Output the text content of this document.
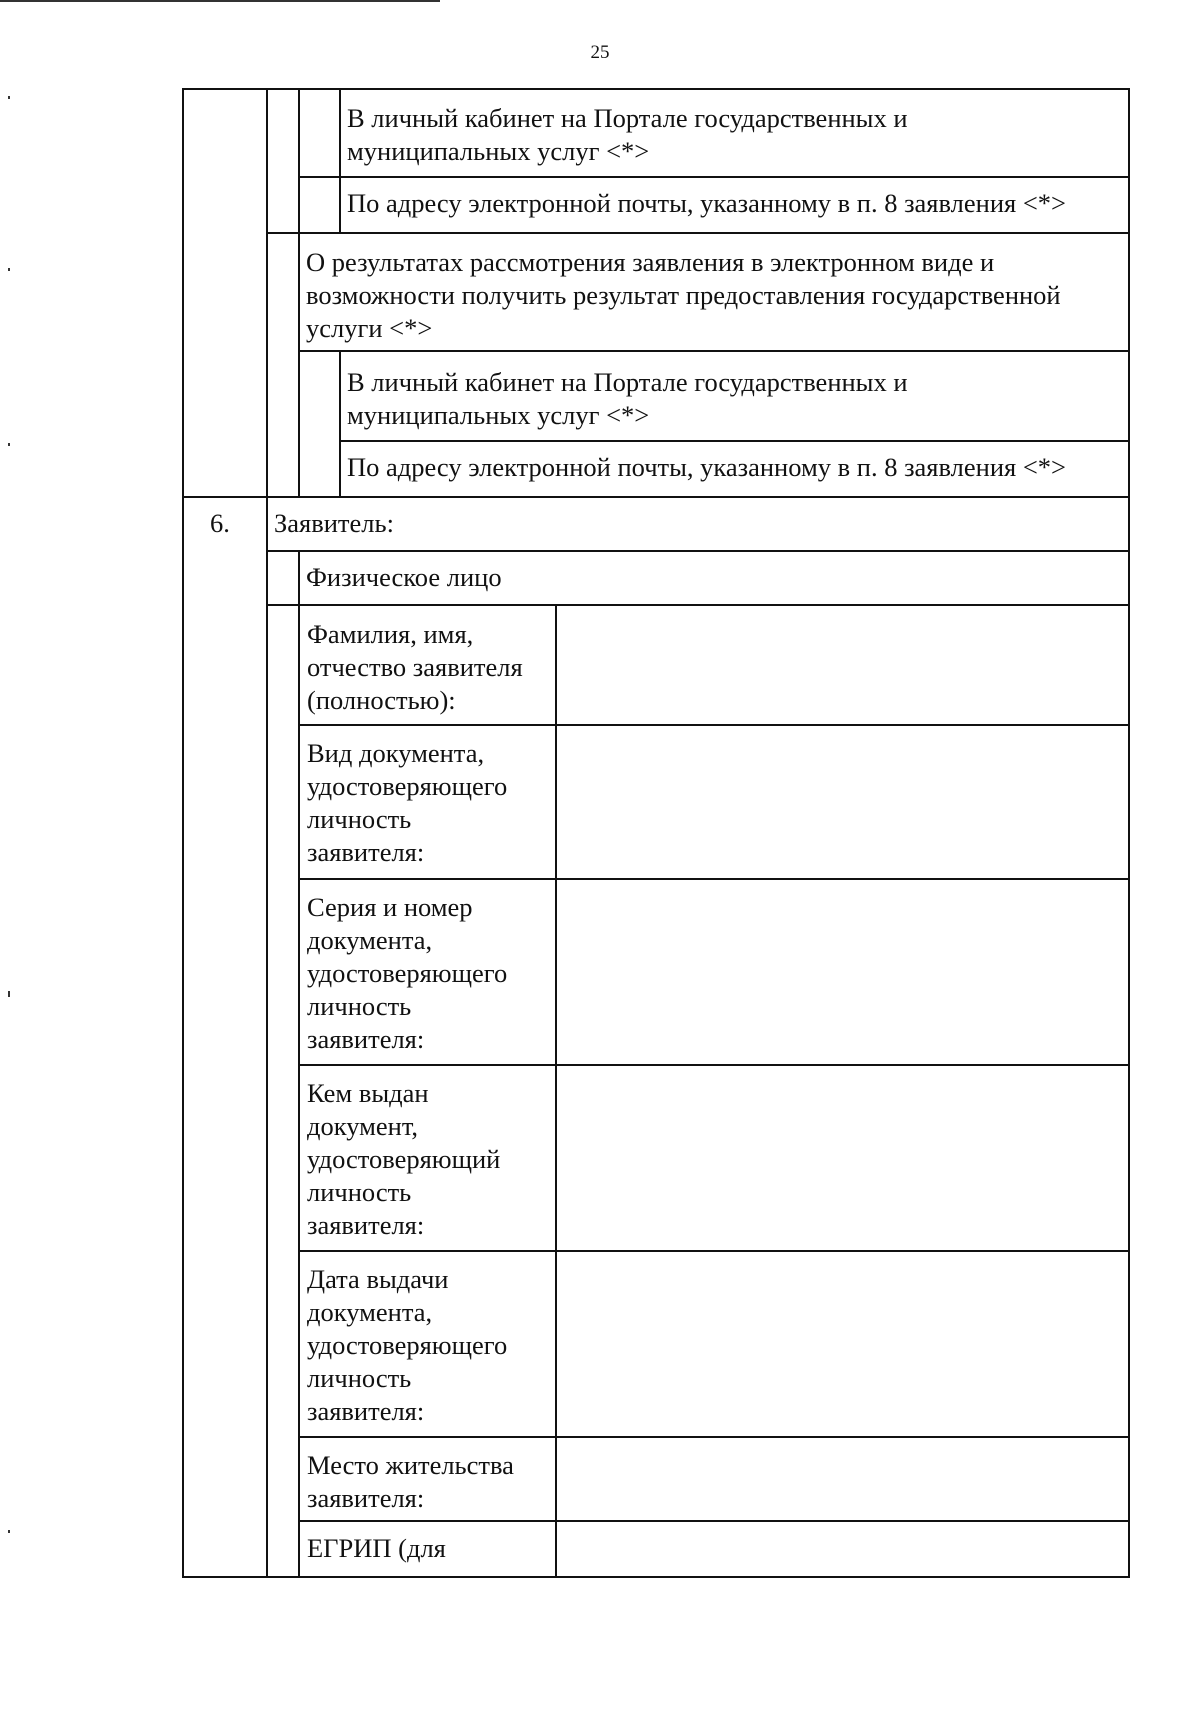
25
В личный кабинет на Портале государственных и
муниципальных услуг <*>
По адресу электронной почты, указанному в п. 8 заявления <*>
О результатах рассмотрения заявления в электронном виде и
возможности получить результат предоставления государственной
услуги <*>
В личный кабинет на Портале государственных и
муниципальных услуг <*>
По адресу электронной почты, указанному в п. 8 заявления <*>
6. Заявитель:
Физическое лицо
Фамилия, имя,
отчество заявителя
(полностью):
Вид документа,
удостоверяющего
личность
заявителя:
Серия и номер
документа,
удостоверяющего
личность
заявителя:
Кем выдан
документ,
удостоверяющий
личность
заявителя:
Дата выдачи
документа,
удостоверяющего
личность
заявителя:
Место жительства
заявителя:
ЕГРИП (для
